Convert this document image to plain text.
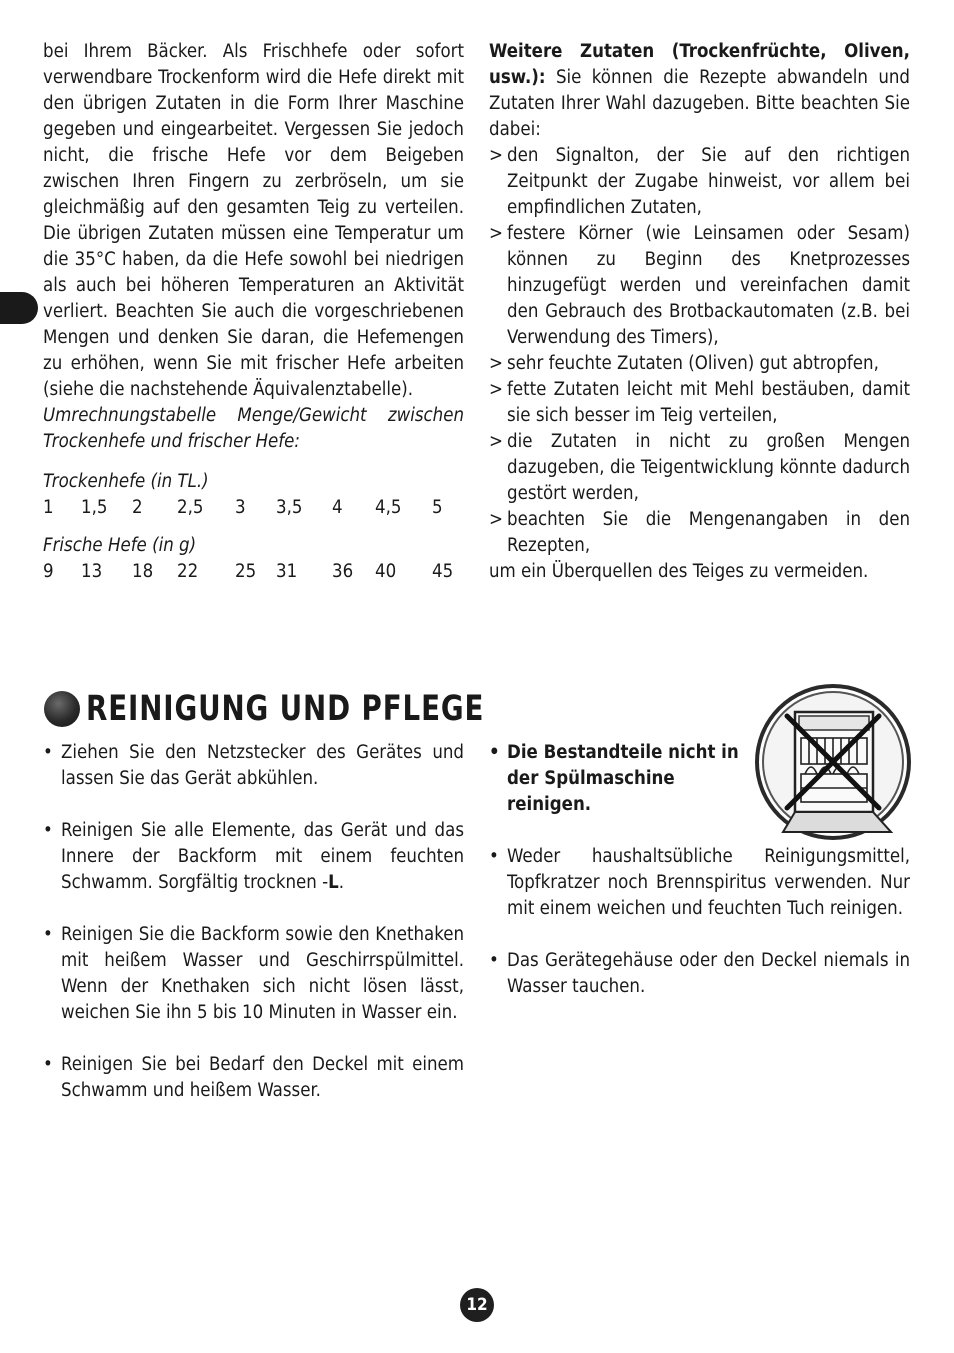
bei Ihrem Bäcker. Als Frischhefe oder sofort verwendbare Trockenform wird die Hefe direkt mit den übrigen Zutaten in die Form Ihrer Maschine gegeben und eingearbeitet. Vergessen Sie jedoch nicht, die frische Hefe vor dem Beigeben zwischen Ihren Fingern zu zerbröseln, um sie gleichmäßig auf den gesamten Teig zu verteilen. Die übrigen Zutaten müssen eine Temperatur um die 35°C haben, da die Hefe sowohl bei niedrigen als auch bei höheren Temperaturen an Aktivität verliert. Beachten Sie auch die vorgeschriebenen Mengen und denken Sie daran, die Hefemengen zu erhöhen, wenn Sie mit frischer Hefe arbeiten (siehe die nachstehende Äquivalenztabelle).

Umrechnungstabelle Menge/Gewicht zwischen Trockenhefe und frischer Hefe:

Trockenhefe (in TL.)

1 1,5 2 2,5 3 3,5 4 4,5 5

Frische Hefe (in g)

9 13 18 22 25 31 36 40 45

Weitere Zutaten (Trockenfrüchte, Oliven, usw.): Sie können die Rezepte abwandeln und Zutaten Ihrer Wahl dazugeben. Bitte beachten Sie dabei:

> den Signalton, der Sie auf den richtigen Zeitpunkt der Zugabe hinweist, vor allem bei empfindlichen Zutaten,
> festere Körner (wie Leinsamen oder Sesam) können zu Beginn des Knetprozesses hinzugefügt werden und vereinfachen damit den Gebrauch des Brotbackautomaten (z.B. bei Verwendung des Timers),
> sehr feuchte Zutaten (Oliven) gut abtropfen,
> fette Zutaten leicht mit Mehl bestäuben, damit sie sich besser im Teig verteilen,
> die Zutaten in nicht zu großen Mengen dazugeben, die Teigentwicklung könnte dadurch gestört werden,
> beachten Sie die Mengenangaben in den Rezepten,

um ein Überquellen des Teiges zu vermeiden.

REINIGUNG UND PFLEGE
• Ziehen Sie den Netzstecker des Gerätes und lassen Sie das Gerät abkühlen.
• Reinigen Sie alle Elemente, das Gerät und das Innere der Backform mit einem feuchten Schwamm. Sorgfältig trocknen -L.
• Reinigen Sie die Backform sowie den Knethaken mit heißem Wasser und Geschirrspülmittel. Wenn der Knethaken sich nicht lösen lässt, weichen Sie ihn 5 bis 10 Minuten in Wasser ein.
• Reinigen Sie bei Bedarf den Deckel mit einem Schwamm und heißem Wasser.
• Die Bestandteile nicht in der Spülmaschine reinigen.
• Weder haushaltsübliche Reinigungsmittel, Topfkratzer noch Brennspiritus verwenden. Nur mit einem weichen und feuchten Tuch reinigen.
• Das Gerätegehäuse oder den Deckel niemals in Wasser tauchen.
12
